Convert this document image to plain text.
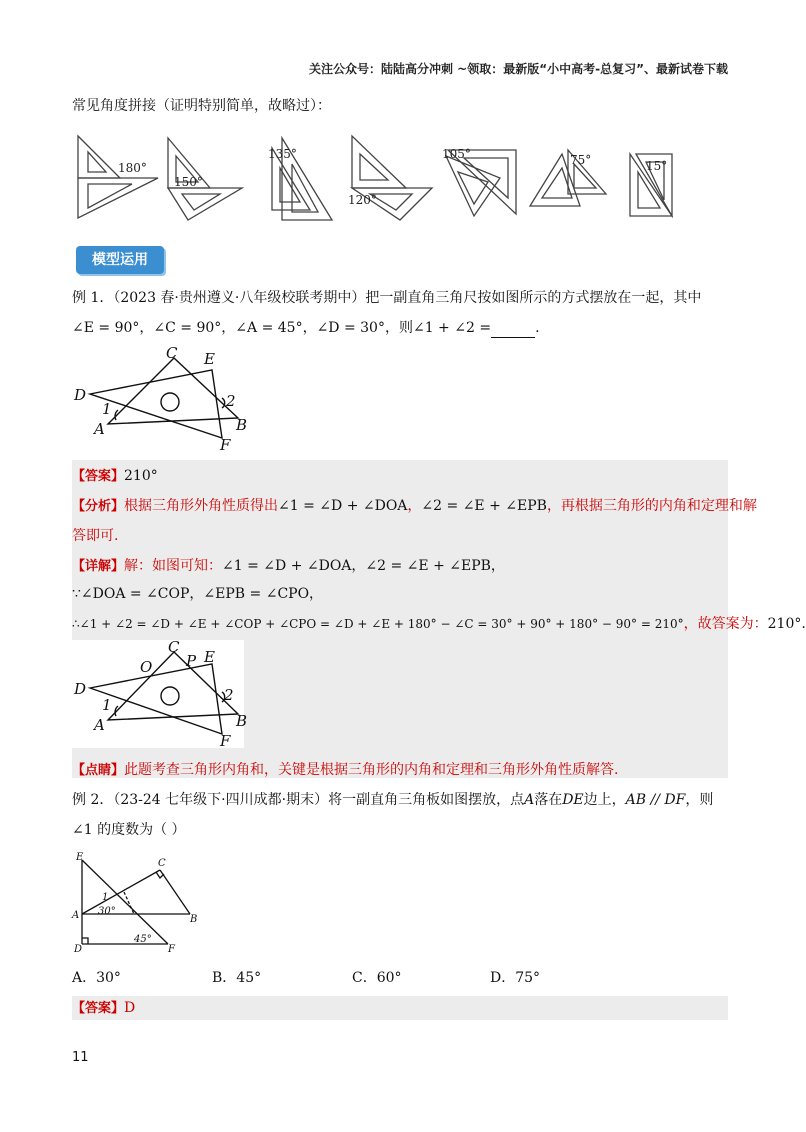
关注公众号：陆陆高分冲刺 ~领取：最新版“小中高考-总复习”、最新试卷下载
常见角度拼接（证明特别简单，故略过）：
180°
150°
135°
120°
105°	75°	15°
模型运用
例 1．（2023 春·贵州遵义·八年级校联考期中）把一副直角三角尺按如图所示的方式摆放在一起，其中
∠E = 90°，∠C = 90°，∠A = 45°，∠D = 30°，则∠1 + ∠2 =	.
C E
D
1	2
A	B
F
【答案】210°
【分析】根据三角形外角性质得出∠1 = ∠D + ∠DOA，∠2 = ∠E + ∠EPB，再根据三角形的内角和定理和解
答即可.
【详解】解：如图可知：∠1 = ∠D + ∠DOA，∠2 = ∠E + ∠EPB，
∵∠DOA = ∠COP，∠EPB = ∠CPO，
∴∠1 + ∠2 = ∠D + ∠E + ∠COP + ∠CPO = ∠D + ∠E + 180° − ∠C = 30° + 90° + 180° − 90° = 210°，故答案为：210°.
O
C
P E
D
1
2
A	B
F
【点睛】此题考查三角形内角和，关键是根据三角形的内角和定理和三角形外角性质解答.
例 2．（23-24 七年级下·四川成都·期末）将一副直角三角板如图摆放，点A落在DE边上，AB // DF，则
∠1 的度数为（ ）
E
C
1
A 30°
B
D
45°
F
A．30°	B．45°	C．60°	D．75°
【答案】D
11
